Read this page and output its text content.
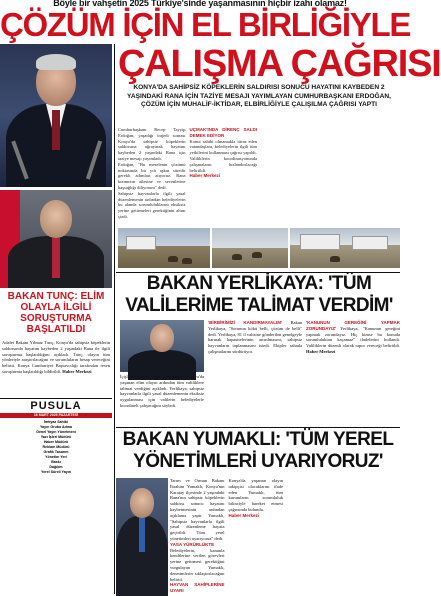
Böyle bir vahşetin 2025 Türkiye'sinde yaşanmasının hiçbir izahı olamaz!
ÇÖZÜM İÇİN EL BİRLİĞİYLE
ÇALIŞMA ÇAĞRISI
KONYA'DA SAHİPSİZ KÖPEKLERİN SALDIRISI SONUCU HAYATINI KAYBEDEN 2 YAŞINDAKİ RANA İÇİN TAZİYE MESAJI YAYIMLAYAN CUMHURBAŞKANI ERDOĞAN, ÇÖZÜM İÇİN MUHALİF-İKTİDAR, ELBİRLİĞİYLE ÇALIŞILMA ÇAĞRISI YAPTI

Cumhurbaşkanı Recep Tayyip Erdoğan, yaşadığı trajedi sonrası Konya'da sahipsiz köpeklerin saldırısına uğrayarak hayatını kaybeden 2 yaşındaki Rana için taziye mesajı yayımladı.

Erdoğan, "Bu meselenin çözümü noktasında bir yılı aşkın süredir gerekli adımları atıyoruz. Rana kızımızın ailesine ve sevenlerine başsağlığı diliyorum" dedi.

Sahipsiz hayvanlarla ilgili yasal düzenlemenin ardından belediyelerin bu alanda sorumluluklarını eksiksiz yerine getirmeleri gerektiğinin altını çizdi.

UÇMAK'INDA DİRENÇ SALDI DEMEK EDİYOR

Konut sahibi olmamakla itiraz eden vatandaşlara, belediyelerin ilgili tüm yetkilerini kullanması çağrısı yapıldı.

Valiliklerin koordinasyonunda çalışmaların hızlandırılacağı belirtildi.

Haber Merkezi

BAKAN TUNÇ: ELİM OLAYLA İLGİLİ SORUŞTURMA BAŞLATILDI
Adalet Bakanı Yılmaz Tunç, Konya'da sahipsiz köpeklerin saldırısında hayatını kaybeden 2 yaşındaki Rana ile ilgili soruşturma başlatıldığını açıkladı. Tunç, olayın tüm yönleriyle araştırılacağını ve sorumluların hesap vereceğini belirtti. Konya Cumhuriyet Başsavcılığı tarafından resen soruşturma başlatıldığı bildirildi. Haber Merkezi
BAKAN YERLİKAYA: 'TÜM
VALİLERİME TALİMAT VERDİM'
İçişleri Bakanı Ali Yerlikaya, Konya'da yaşanan elim olayın ardından tüm valiliklere talimat verdiğini açıkladı. Yerlikaya, sahipsiz hayvanlarla ilgili yasal düzenlemenin eksiksiz uygulanması için valilerin belediyelerle koordineli çalışacağını söyledi.
'BİRBİRİMİZİ KANDIRMAYALIM' Bakan Yerlikaya, "Sorunun kökü belli, çözüm de belli" dedi. Yerlikaya, 81 il valisine gönderilen genelgeyle barınak kapasitelerinin artırılmasını, sahipsiz hayvanların toplanmasını istedi. Ekipler sahada çalışmalarını sürdürüyor.
'KANUNUN GEREĞİNİ YAPMAK ZORUNDAYIZ' Yerlikaya, "Kanunun gereğini yapmak zorundayız. Hiç kimse bu konuda sorumluluktan kaçamaz" ifadelerini kullandı. Valiliklerin düzenli olarak rapor vereceği belirtildi. Haber Merkezi
PUSULA
16 MART 2025 PAZARTESİ
İmtiyaz Sahibi
Yayın Grubu Adına
Genel Yayın Yönetmeni
Yazı İşleri Müdürü
Haber Müdürü
Reklam Müdürü
Grafik Tasarım
Yönetim Yeri
Baskı
Dağıtım
Yerel Süreli Yayın
BAKAN YUMAKLI: 'TÜM YEREL
YÖNETİMLERİ UYARIYORUZ'

Tarım ve Orman Bakanı İbrahim Yumaklı, Konya'nın Karatay ilçesinde 2 yaşındaki Rana'nın sahipsiz köpeklerin saldırısı sonucu hayatını kaybetmesinin ardından açıklama yaptı. Yumaklı, "Sahipsiz hayvanlarla ilgili yasal düzenleme hayata geçirildi. Tüm yerel yönetimleri uyarıyoruz" dedi.

YASA YÜRÜRLÜKTE

Belediyelerin, kanunla kendilerine verilen görevleri yerine getirmesi gerektiğini vurgulayan Yumaklı, denetimlerin sıklaştırılacağını belirtti.

HAYVAN SAHİPLERİNE UYARI

Konya'da yaşanan olayın takipçisi olacaklarını ifade eden Yumaklı, tüm kurumların sorumluluk bilinciyle hareket etmesi çağrısında bulundu.

Haber Merkezi
